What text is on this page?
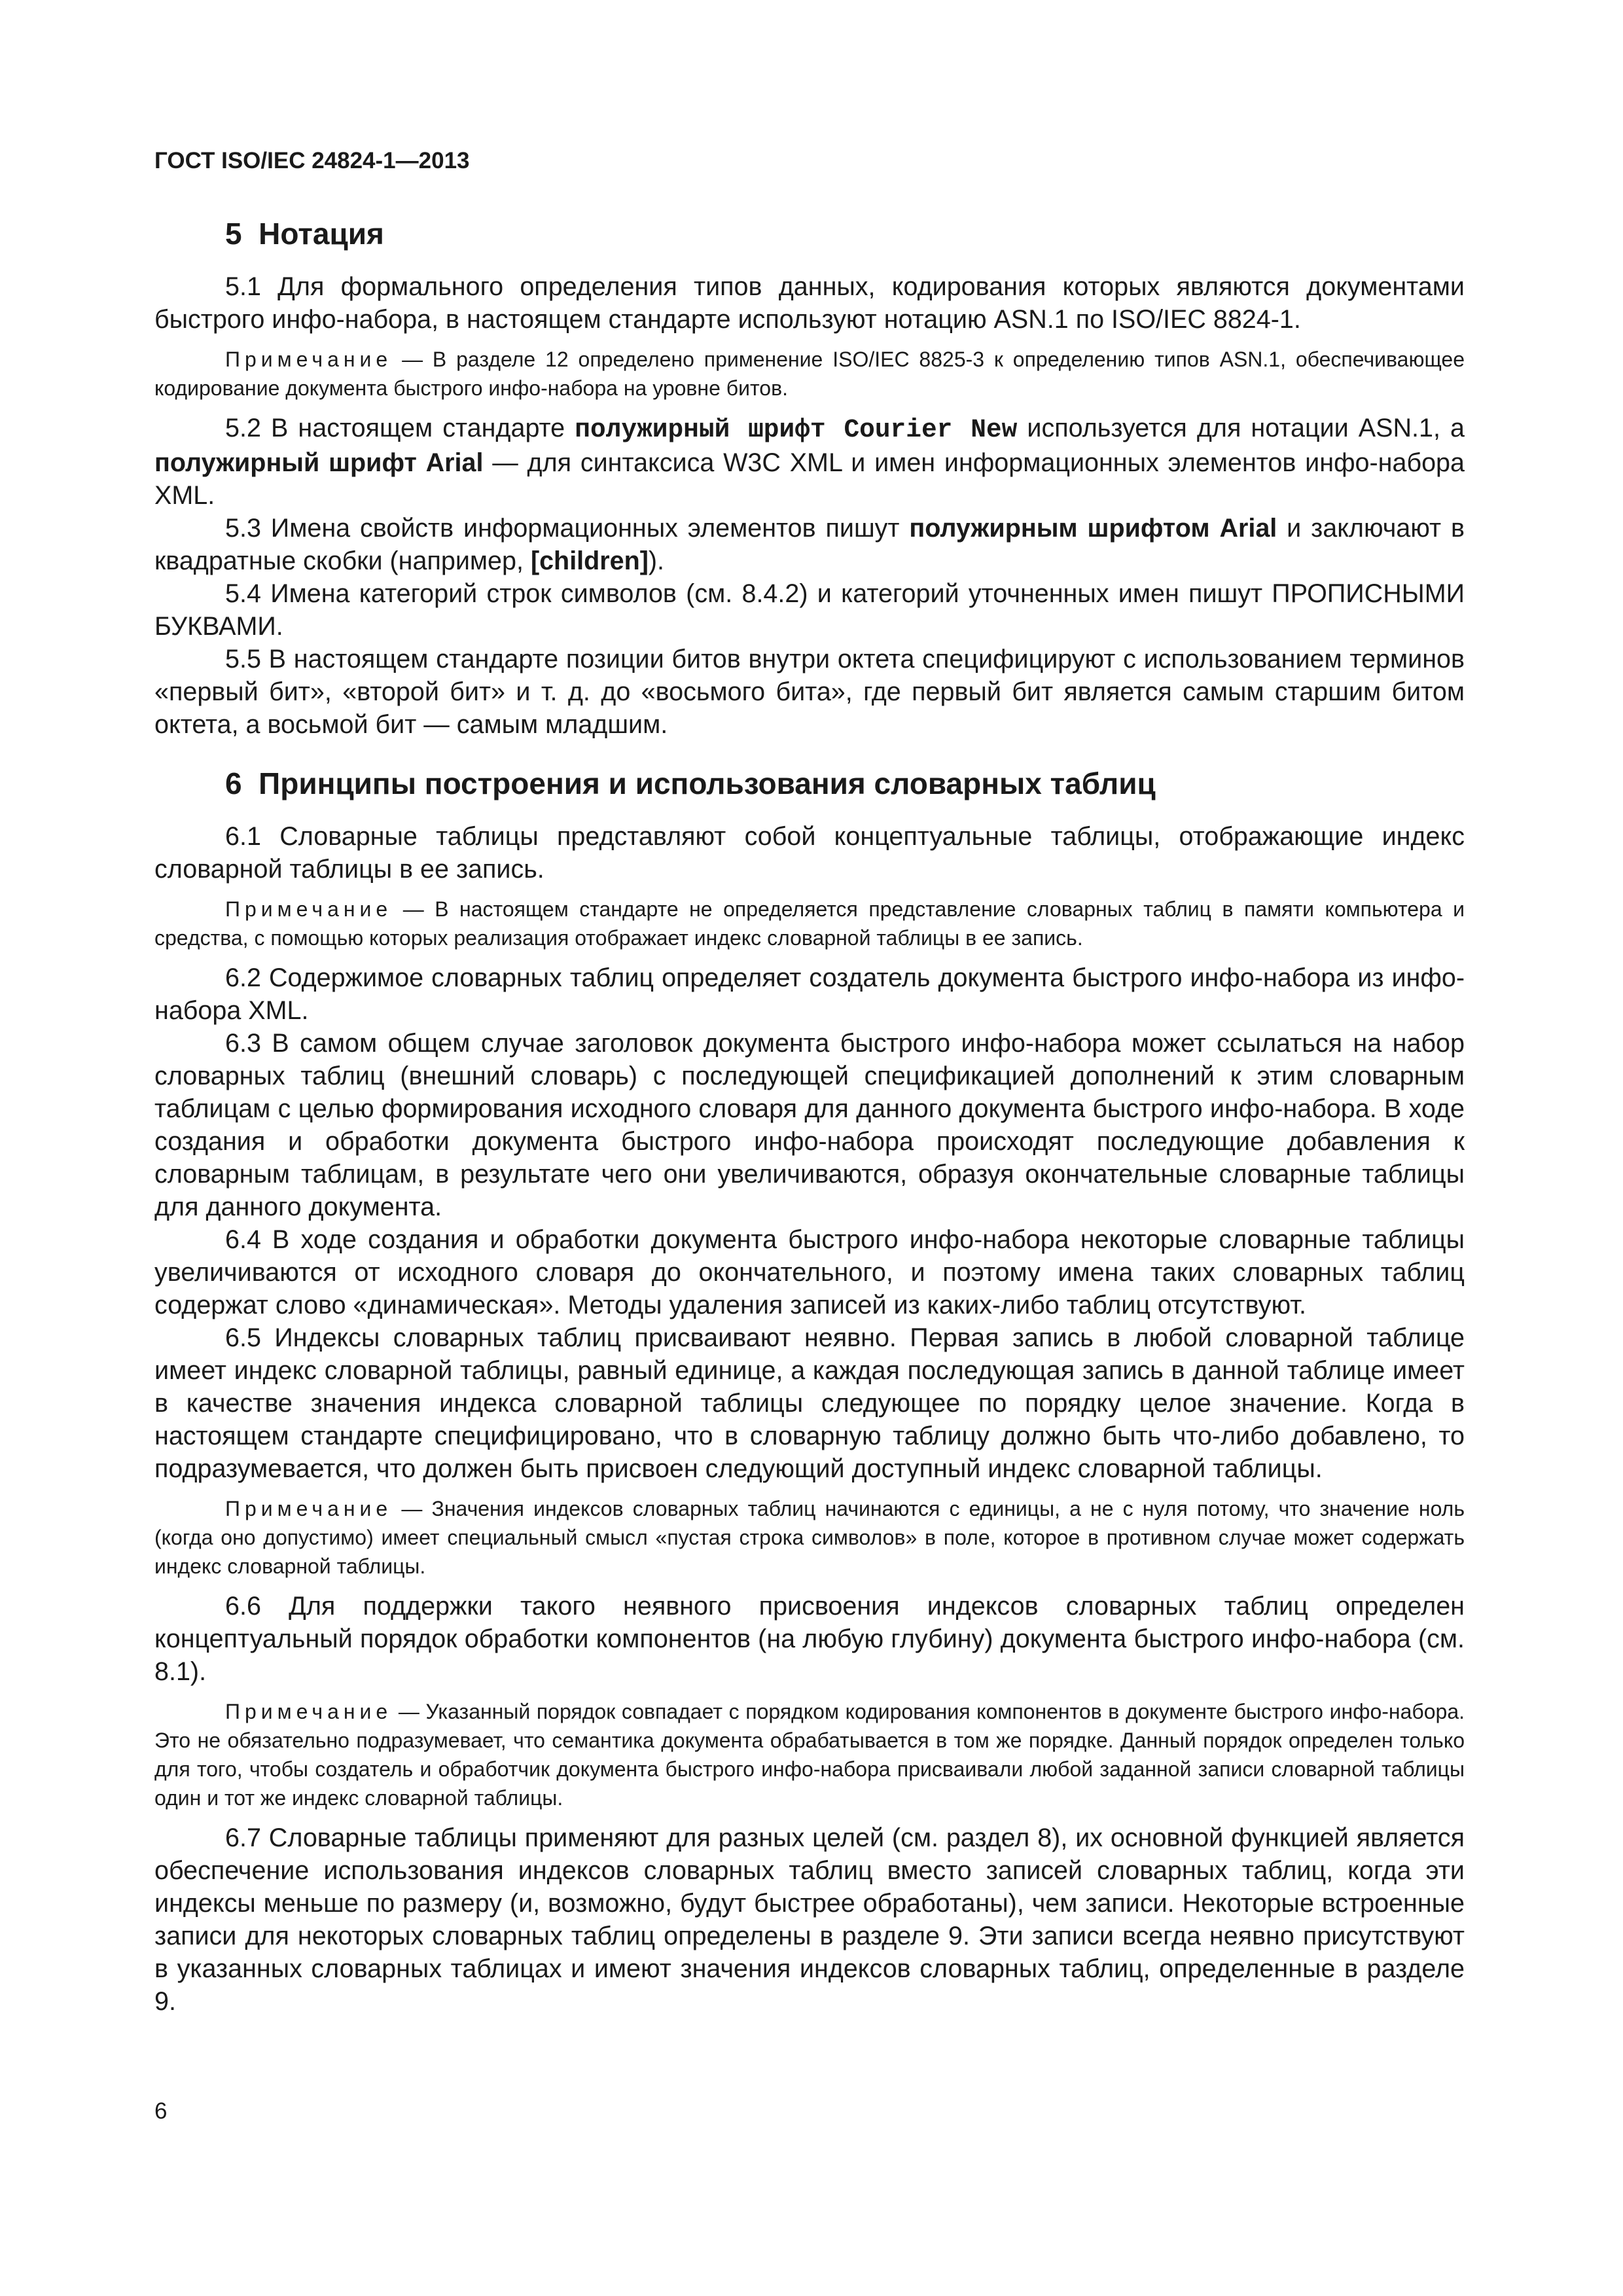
ГОСТ ISO/IEC 24824-1—2013
5 Нотация

5.1 Для формального определения типов данных, кодирования которых являются документами быстрого инфо-набора, в настоящем стандарте используют нотацию ASN.1 по ISO/IEC 8824-1.

Примечание — В разделе 12 определено применение ISO/IEC 8825-3 к определению типов ASN.1, обеспечивающее кодирование документа быстрого инфо-набора на уровне битов.

5.2 В настоящем стандарте полужирный шрифт Courier New используется для нотации ASN.1, а полужирный шрифт Arial — для синтаксиса W3C XML и имен информационных элементов инфо-набора XML.

5.3 Имена свойств информационных элементов пишут полужирным шрифтом Arial и заключают в квадратные скобки (например, [children]).

5.4 Имена категорий строк символов (см. 8.4.2) и категорий уточненных имен пишут ПРОПИСНЫМИ БУКВАМИ.

5.5 В настоящем стандарте позиции битов внутри октета специфицируют с использованием терминов «первый бит», «второй бит» и т. д. до «восьмого бита», где первый бит является самым старшим битом октета, а восьмой бит — самым младшим.

6 Принципы построения и использования словарных таблиц

6.1 Словарные таблицы представляют собой концептуальные таблицы, отображающие индекс словарной таблицы в ее запись.

Примечание — В настоящем стандарте не определяется представление словарных таблиц в памяти компьютера и средства, с помощью которых реализация отображает индекс словарной таблицы в ее запись.

6.2 Содержимое словарных таблиц определяет создатель документа быстрого инфо-набора из инфо-набора XML.

6.3 В самом общем случае заголовок документа быстрого инфо-набора может ссылаться на набор словарных таблиц (внешний словарь) с последующей спецификацией дополнений к этим словарным таблицам с целью формирования исходного словаря для данного документа быстрого инфо-набора. В ходе создания и обработки документа быстрого инфо-набора происходят последующие добавления к словарным таблицам, в результате чего они увеличиваются, образуя окончательные словарные таблицы для данного документа.

6.4 В ходе создания и обработки документа быстрого инфо-набора некоторые словарные таблицы увеличиваются от исходного словаря до окончательного, и поэтому имена таких словарных таблиц содержат слово «динамическая». Методы удаления записей из каких-либо таблиц отсутствуют.

6.5 Индексы словарных таблиц присваивают неявно. Первая запись в любой словарной таблице имеет индекс словарной таблицы, равный единице, а каждая последующая запись в данной таблице имеет в качестве значения индекса словарной таблицы следующее по порядку целое значение. Когда в настоящем стандарте специфицировано, что в словарную таблицу должно быть что-либо добавлено, то подразумевается, что должен быть присвоен следующий доступный индекс словарной таблицы.

Примечание — Значения индексов словарных таблиц начинаются с единицы, а не с нуля потому, что значение ноль (когда оно допустимо) имеет специальный смысл «пустая строка символов» в поле, которое в противном случае может содержать индекс словарной таблицы.

6.6 Для поддержки такого неявного присвоения индексов словарных таблиц определен концептуальный порядок обработки компонентов (на любую глубину) документа быстрого инфо-набора (см. 8.1).

Примечание — Указанный порядок совпадает с порядком кодирования компонентов в документе быстрого инфо-набора. Это не обязательно подразумевает, что семантика документа обрабатывается в том же порядке. Данный порядок определен только для того, чтобы создатель и обработчик документа быстрого инфо-набора присваивали любой заданной записи словарной таблицы один и тот же индекс словарной таблицы.

6.7 Словарные таблицы применяют для разных целей (см. раздел 8), их основной функцией является обеспечение использования индексов словарных таблиц вместо записей словарных таблиц, когда эти индексы меньше по размеру (и, возможно, будут быстрее обработаны), чем записи. Некоторые встроенные записи для некоторых словарных таблиц определены в разделе 9. Эти записи всегда неявно присутствуют в указанных словарных таблицах и имеют значения индексов словарных таблиц, определенные в разделе 9.

6
